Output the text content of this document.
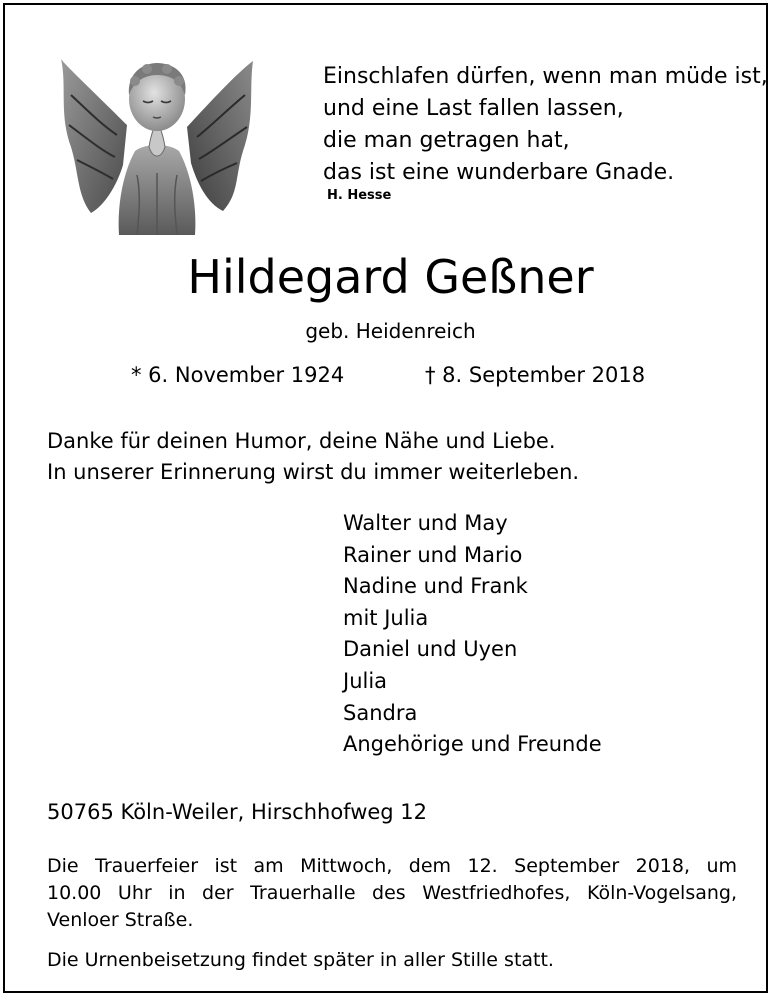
Einschlafen dürfen, wenn man müde ist,
und eine Last fallen lassen,
die man getragen hat,
das ist eine wunderbare Gnade.
H. Hesse
Hildegard Geßner
geb. Heidenreich
* 6. November 1924	† 8. September 2018
Danke für deinen Humor, deine Nähe und Liebe.
In unserer Erinnerung wirst du immer weiterleben.
Walter und May
Rainer und Mario
Nadine und Frank
mit Julia
Daniel und Uyen
Julia
Sandra
Angehörige und Freunde
50765 Köln-Weiler, Hirschhofweg 12
Die Trauerfeier ist am Mittwoch, dem 12. September 2018, um
10.00 Uhr in der Trauerhalle des Westfriedhofes, Köln-Vogelsang,
Venloer Straße.
Die Urnenbeisetzung findet später in aller Stille statt.
